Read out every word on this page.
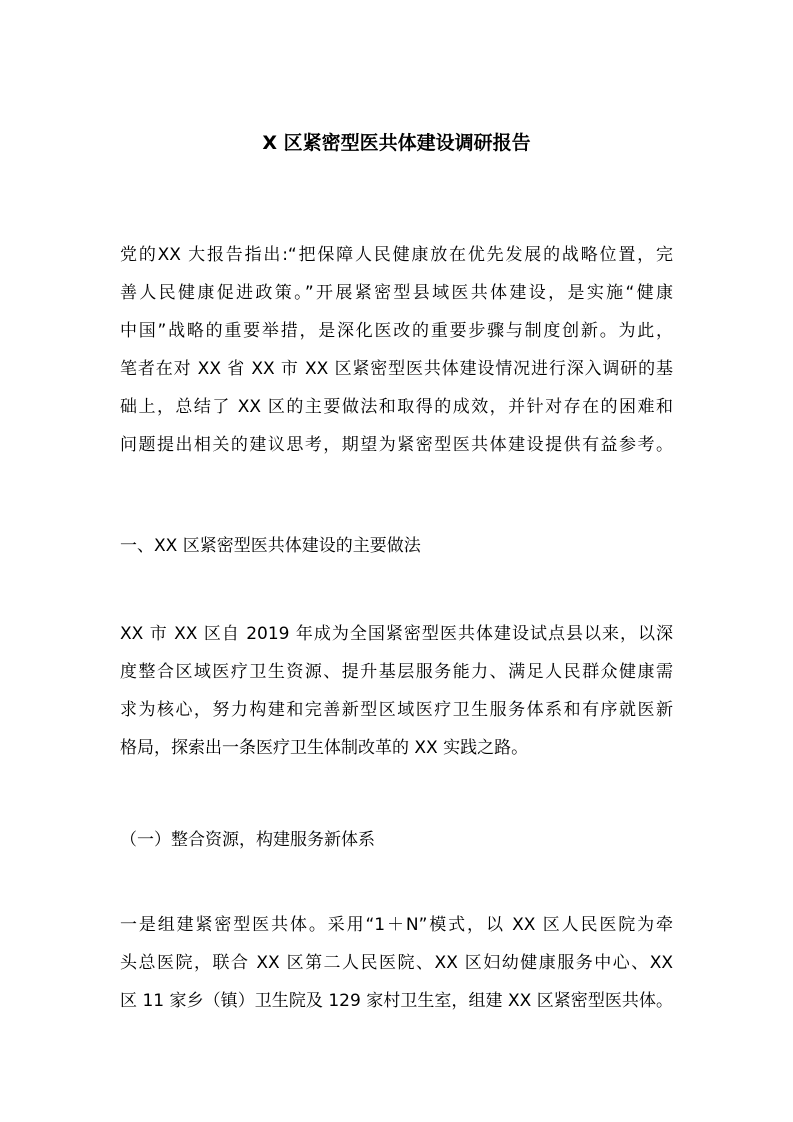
X 区紧密型医共体建设调研报告
党的XX 大报告指出:“把保障人民健康放在优先发展的战略位置，完
善人民健康促进政策。”开展紧密型县域医共体建设，是实施“健康
中国”战略的重要举措，是深化医改的重要步骤与制度创新。为此，
笔者在对 XX 省 XX 市 XX 区紧密型医共体建设情况进行深入调研的基
础上，总结了 XX 区的主要做法和取得的成效，并针对存在的困难和
问题提出相关的建议思考，期望为紧密型医共体建设提供有益参考。
一、XX 区紧密型医共体建设的主要做法
XX 市 XX 区自 2019 年成为全国紧密型医共体建设试点县以来，以深
度整合区域医疗卫生资源、提升基层服务能力、满足人民群众健康需
求为核心，努力构建和完善新型区域医疗卫生服务体系和有序就医新
格局，探索出一条医疗卫生体制改革的 XX 实践之路。
（一）整合资源，构建服务新体系
一是组建紧密型医共体。采用“1＋N”模式，以 XX 区人民医院为牵
头总医院，联合 XX 区第二人民医院、XX 区妇幼健康服务中心、XX
区 11 家乡（镇）卫生院及 129 家村卫生室，组建 XX 区紧密型医共体。
